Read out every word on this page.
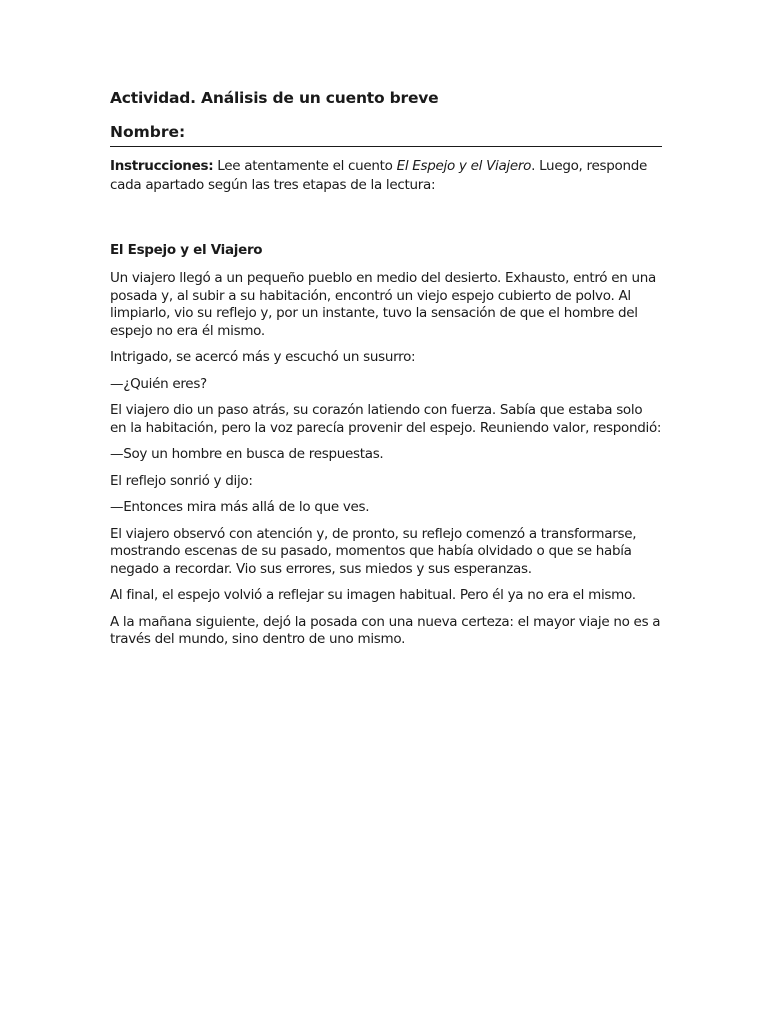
Actividad. Análisis de un cuento breve
Nombre:
Instrucciones: Lee atentamente el cuento El Espejo y el Viajero. Luego, responde cada apartado según las tres etapas de la lectura:
El Espejo y el Viajero

Un viajero llegó a un pequeño pueblo en medio del desierto. Exhausto, entró en una posada y, al subir a su habitación, encontró un viejo espejo cubierto de polvo. Al limpiarlo, vio su reflejo y, por un instante, tuvo la sensación de que el hombre del espejo no era él mismo.

Intrigado, se acercó más y escuchó un susurro:

—¿Quién eres?

El viajero dio un paso atrás, su corazón latiendo con fuerza. Sabía que estaba solo en la habitación, pero la voz parecía provenir del espejo. Reuniendo valor, respondió:

—Soy un hombre en busca de respuestas.

El reflejo sonrió y dijo:

—Entonces mira más allá de lo que ves.

El viajero observó con atención y, de pronto, su reflejo comenzó a transformarse, mostrando escenas de su pasado, momentos que había olvidado o que se había negado a recordar. Vio sus errores, sus miedos y sus esperanzas.

Al final, el espejo volvió a reflejar su imagen habitual. Pero él ya no era el mismo.

A la mañana siguiente, dejó la posada con una nueva certeza: el mayor viaje no es a través del mundo, sino dentro de uno mismo.
